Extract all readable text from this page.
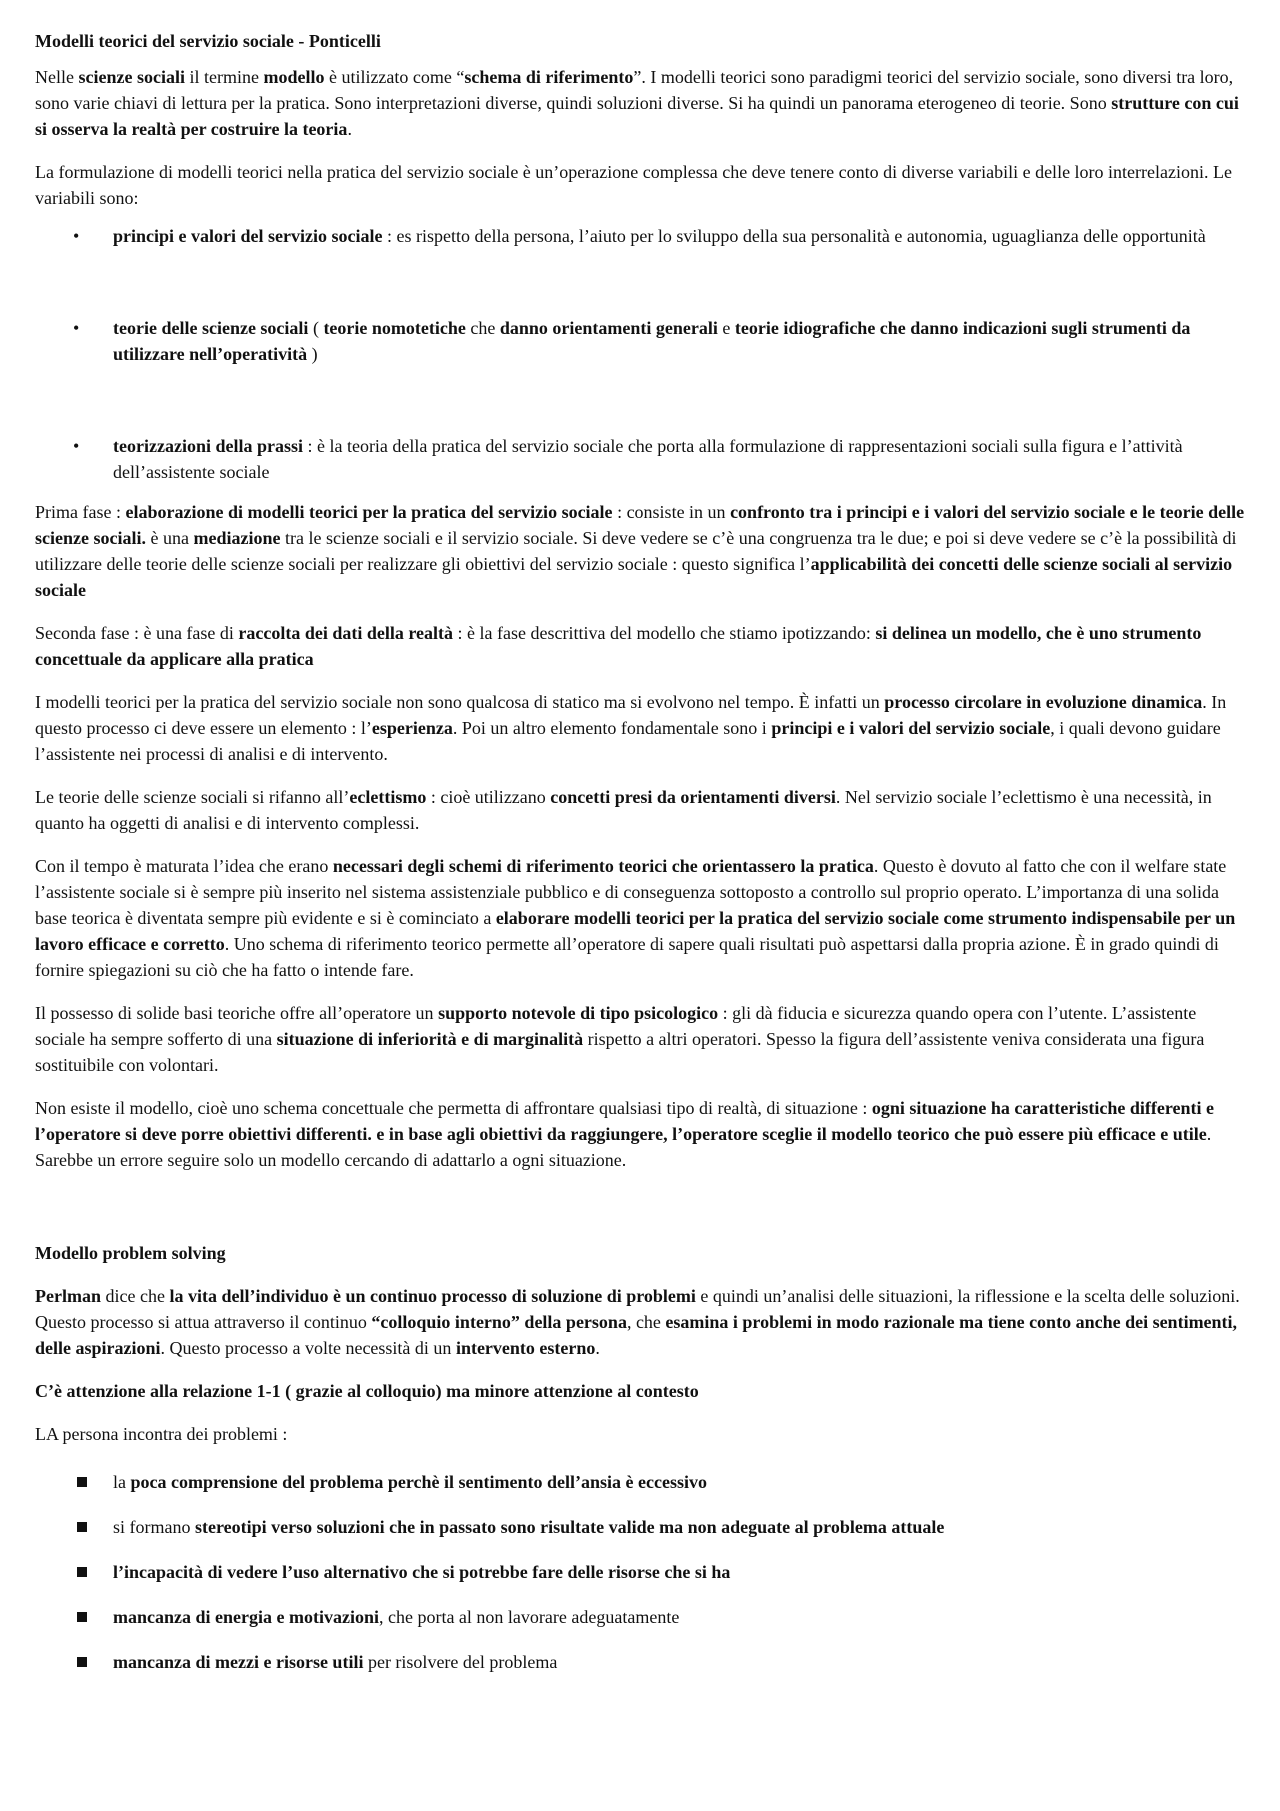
Modelli teorici del servizio sociale - Ponticelli

Nelle scienze sociali il termine modello è utilizzato come “schema di riferimento”. I modelli teorici sono paradigmi teorici del servizio sociale, sono diversi tra loro, sono varie chiavi di lettura per la pratica. Sono interpretazioni diverse, quindi soluzioni diverse. Si ha quindi un panorama eterogeneo di teorie. Sono strutture con cui si osserva la realtà per costruire la teoria.

La formulazione di modelli teorici nella pratica del servizio sociale è un’operazione complessa che deve tenere conto di diverse variabili e delle loro interrelazioni. Le variabili sono:

• principi e valori del servizio sociale : es rispetto della persona, l’aiuto per lo sviluppo della sua personalità e autonomia, uguaglianza delle opportunità
• teorie delle scienze sociali ( teorie nomotetiche che danno orientamenti generali e teorie idiografiche che danno indicazioni sugli strumenti da utilizzare nell’operatività )
• teorizzazioni della prassi : è la teoria della pratica del servizio sociale che porta alla formulazione di rappresentazioni sociali sulla figura e l’attività dell’assistente sociale

Prima fase : elaborazione di modelli teorici per la pratica del servizio sociale : consiste in un confronto tra i principi e i valori del servizio sociale e le teorie delle scienze sociali. è una mediazione tra le scienze sociali e il servizio sociale. Si deve vedere se c’è una congruenza tra le due; e poi si deve vedere se c’è la possibilità di utilizzare delle teorie delle scienze sociali per realizzare gli obiettivi del servizio sociale : questo significa l’applicabilità dei concetti delle scienze sociali al servizio sociale

Seconda fase : è una fase di raccolta dei dati della realtà : è la fase descrittiva del modello che stiamo ipotizzando: si delinea un modello, che è uno strumento concettuale da applicare alla pratica

I modelli teorici per la pratica del servizio sociale non sono qualcosa di statico ma si evolvono nel tempo. È infatti un processo circolare in evoluzione dinamica. In questo processo ci deve essere un elemento : l’esperienza. Poi un altro elemento fondamentale sono i principi e i valori del servizio sociale, i quali devono guidare l’assistente nei processi di analisi e di intervento.

Le teorie delle scienze sociali si rifanno all’eclettismo : cioè utilizzano concetti presi da orientamenti diversi. Nel servizio sociale l’eclettismo è una necessità, in quanto ha oggetti di analisi e di intervento complessi.

Con il tempo è maturata l’idea che erano necessari degli schemi di riferimento teorici che orientassero la pratica. Questo è dovuto al fatto che con il welfare state l’assistente sociale si è sempre più inserito nel sistema assistenziale pubblico e di conseguenza sottoposto a controllo sul proprio operato. L’importanza di una solida base teorica è diventata sempre più evidente e si è cominciato a elaborare modelli teorici per la pratica del servizio sociale come strumento indispensabile per un lavoro efficace e corretto. Uno schema di riferimento teorico permette all’operatore di sapere quali risultati può aspettarsi dalla propria azione. È in grado quindi di fornire spiegazioni su ciò che ha fatto o intende fare.

Il possesso di solide basi teoriche offre all’operatore un supporto notevole di tipo psicologico : gli dà fiducia e sicurezza quando opera con l’utente. L’assistente sociale ha sempre sofferto di una situazione di inferiorità e di marginalità rispetto a altri operatori. Spesso la figura dell’assistente veniva considerata una figura sostituibile con volontari.

Non esiste il modello, cioè uno schema concettuale che permetta di affrontare qualsiasi tipo di realtà, di situazione : ogni situazione ha caratteristiche differenti e l’operatore si deve porre obiettivi differenti. e in base agli obiettivi da raggiungere, l’operatore sceglie il modello teorico che può essere più efficace e utile. Sarebbe un errore seguire solo un modello cercando di adattarlo a ogni situazione.

Modello problem solving

Perlman dice che la vita dell’individuo è un continuo processo di soluzione di problemi e quindi un’analisi delle situazioni, la riflessione e la scelta delle soluzioni. Questo processo si attua attraverso il continuo “colloquio interno” della persona, che esamina i problemi in modo razionale ma tiene conto anche dei sentimenti, delle aspirazioni. Questo processo a volte necessità di un intervento esterno.

C’è attenzione alla relazione 1-1 ( grazie al colloquio) ma minore attenzione al contesto

LA persona incontra dei problemi :

la poca comprensione del problema perchè il sentimento dell’ansia è eccessivo
si formano stereotipi verso soluzioni che in passato sono risultate valide ma non adeguate al problema attuale
l’incapacità di vedere l’uso alternativo che si potrebbe fare delle risorse che si ha
mancanza di energia e motivazioni, che porta al non lavorare adeguatamente
mancanza di mezzi e risorse utili per risolvere del problema
